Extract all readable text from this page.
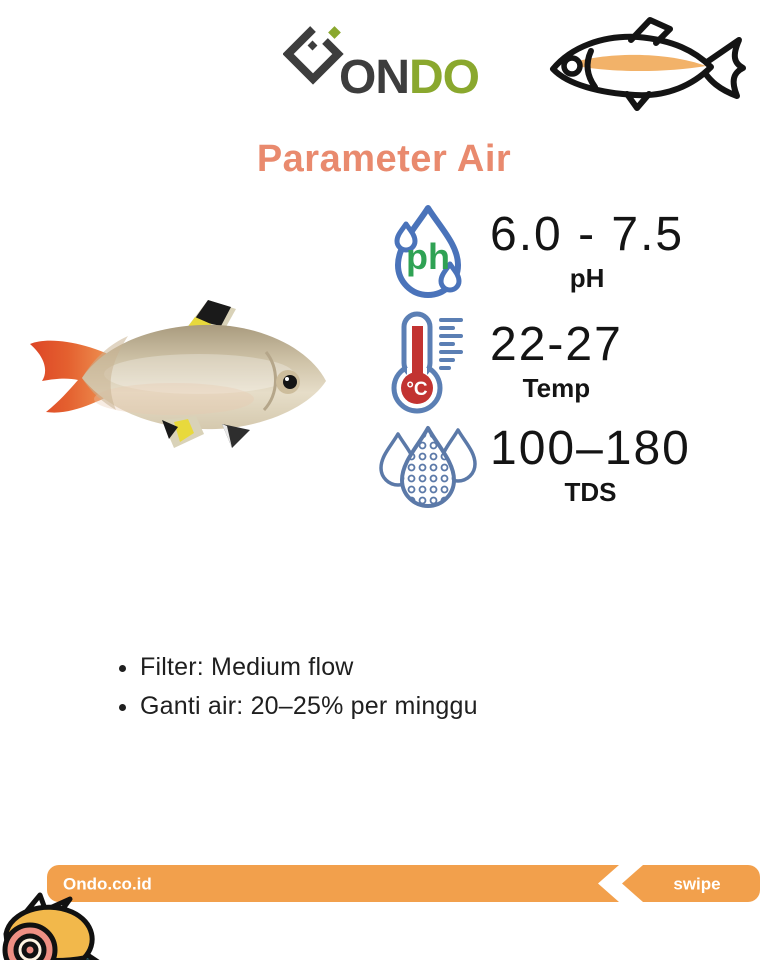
ONDO
Parameter Air
ph 6.0 - 7.5
pH
°C
22-27
Temp
100–180
TDS
• Filter: Medium flow
• Ganti air: 20–25% per minggu
Ondo.co.id	swipe
